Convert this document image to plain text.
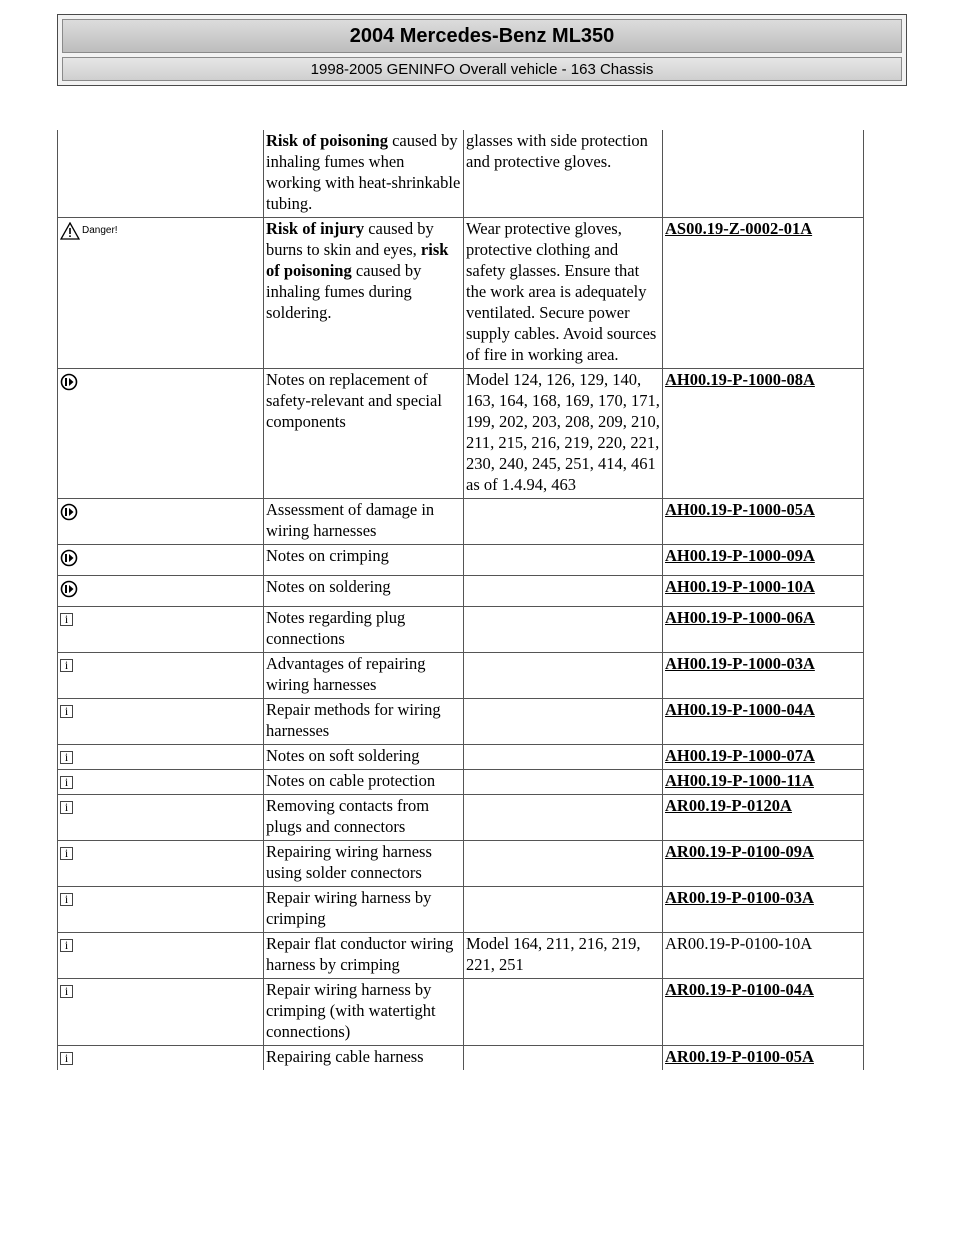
2004 Mercedes-Benz ML350
1998-2005 GENINFO Overall vehicle - 163 Chassis
	Risk of poisoning caused by inhaling fumes when working with heat-shrinkable tubing.	glasses with side protection and protective gloves.	

Danger!	Risk of injury caused by burns to skin and eyes, risk of poisoning caused by inhaling fumes during soldering.	Wear protective gloves, protective clothing and safety glasses. Ensure that the work area is adequately ventilated. Secure power supply cables. Avoid sources of fire in working area.	AS00.19-Z-0002-01A
	Notes on replacement of safety-relevant and special components	Model 124, 126, 129, 140, 163, 164, 168, 169, 170, 171, 199, 202, 203, 208, 209, 210, 211, 215, 216, 219, 220, 221, 230, 240, 245, 251, 414, 461 as of 1.4.94, 463	AH00.19-P-1000-08A
	Assessment of damage in wiring harnesses		AH00.19-P-1000-05A
	Notes on crimping		AH00.19-P-1000-09A
	Notes on soldering		AH00.19-P-1000-10A
i	Notes regarding plug connections		AH00.19-P-1000-06A
i	Advantages of repairing wiring harnesses		AH00.19-P-1000-03A
i	Repair methods for wiring harnesses		AH00.19-P-1000-04A
i	Notes on soft soldering		AH00.19-P-1000-07A
i	Notes on cable protection		AH00.19-P-1000-11A
i	Removing contacts from plugs and connectors		AR00.19-P-0120A
i	Repairing wiring harness using solder connectors		AR00.19-P-0100-09A
i	Repair wiring harness by crimping		AR00.19-P-0100-03A
i	Repair flat conductor wiring harness by crimping	Model 164, 211, 216, 219, 221, 251	AR00.19-P-0100-10A
i	Repair wiring harness by crimping (with watertight connections)		AR00.19-P-0100-04A
i	Repairing cable harness		AR00.19-P-0100-05A
